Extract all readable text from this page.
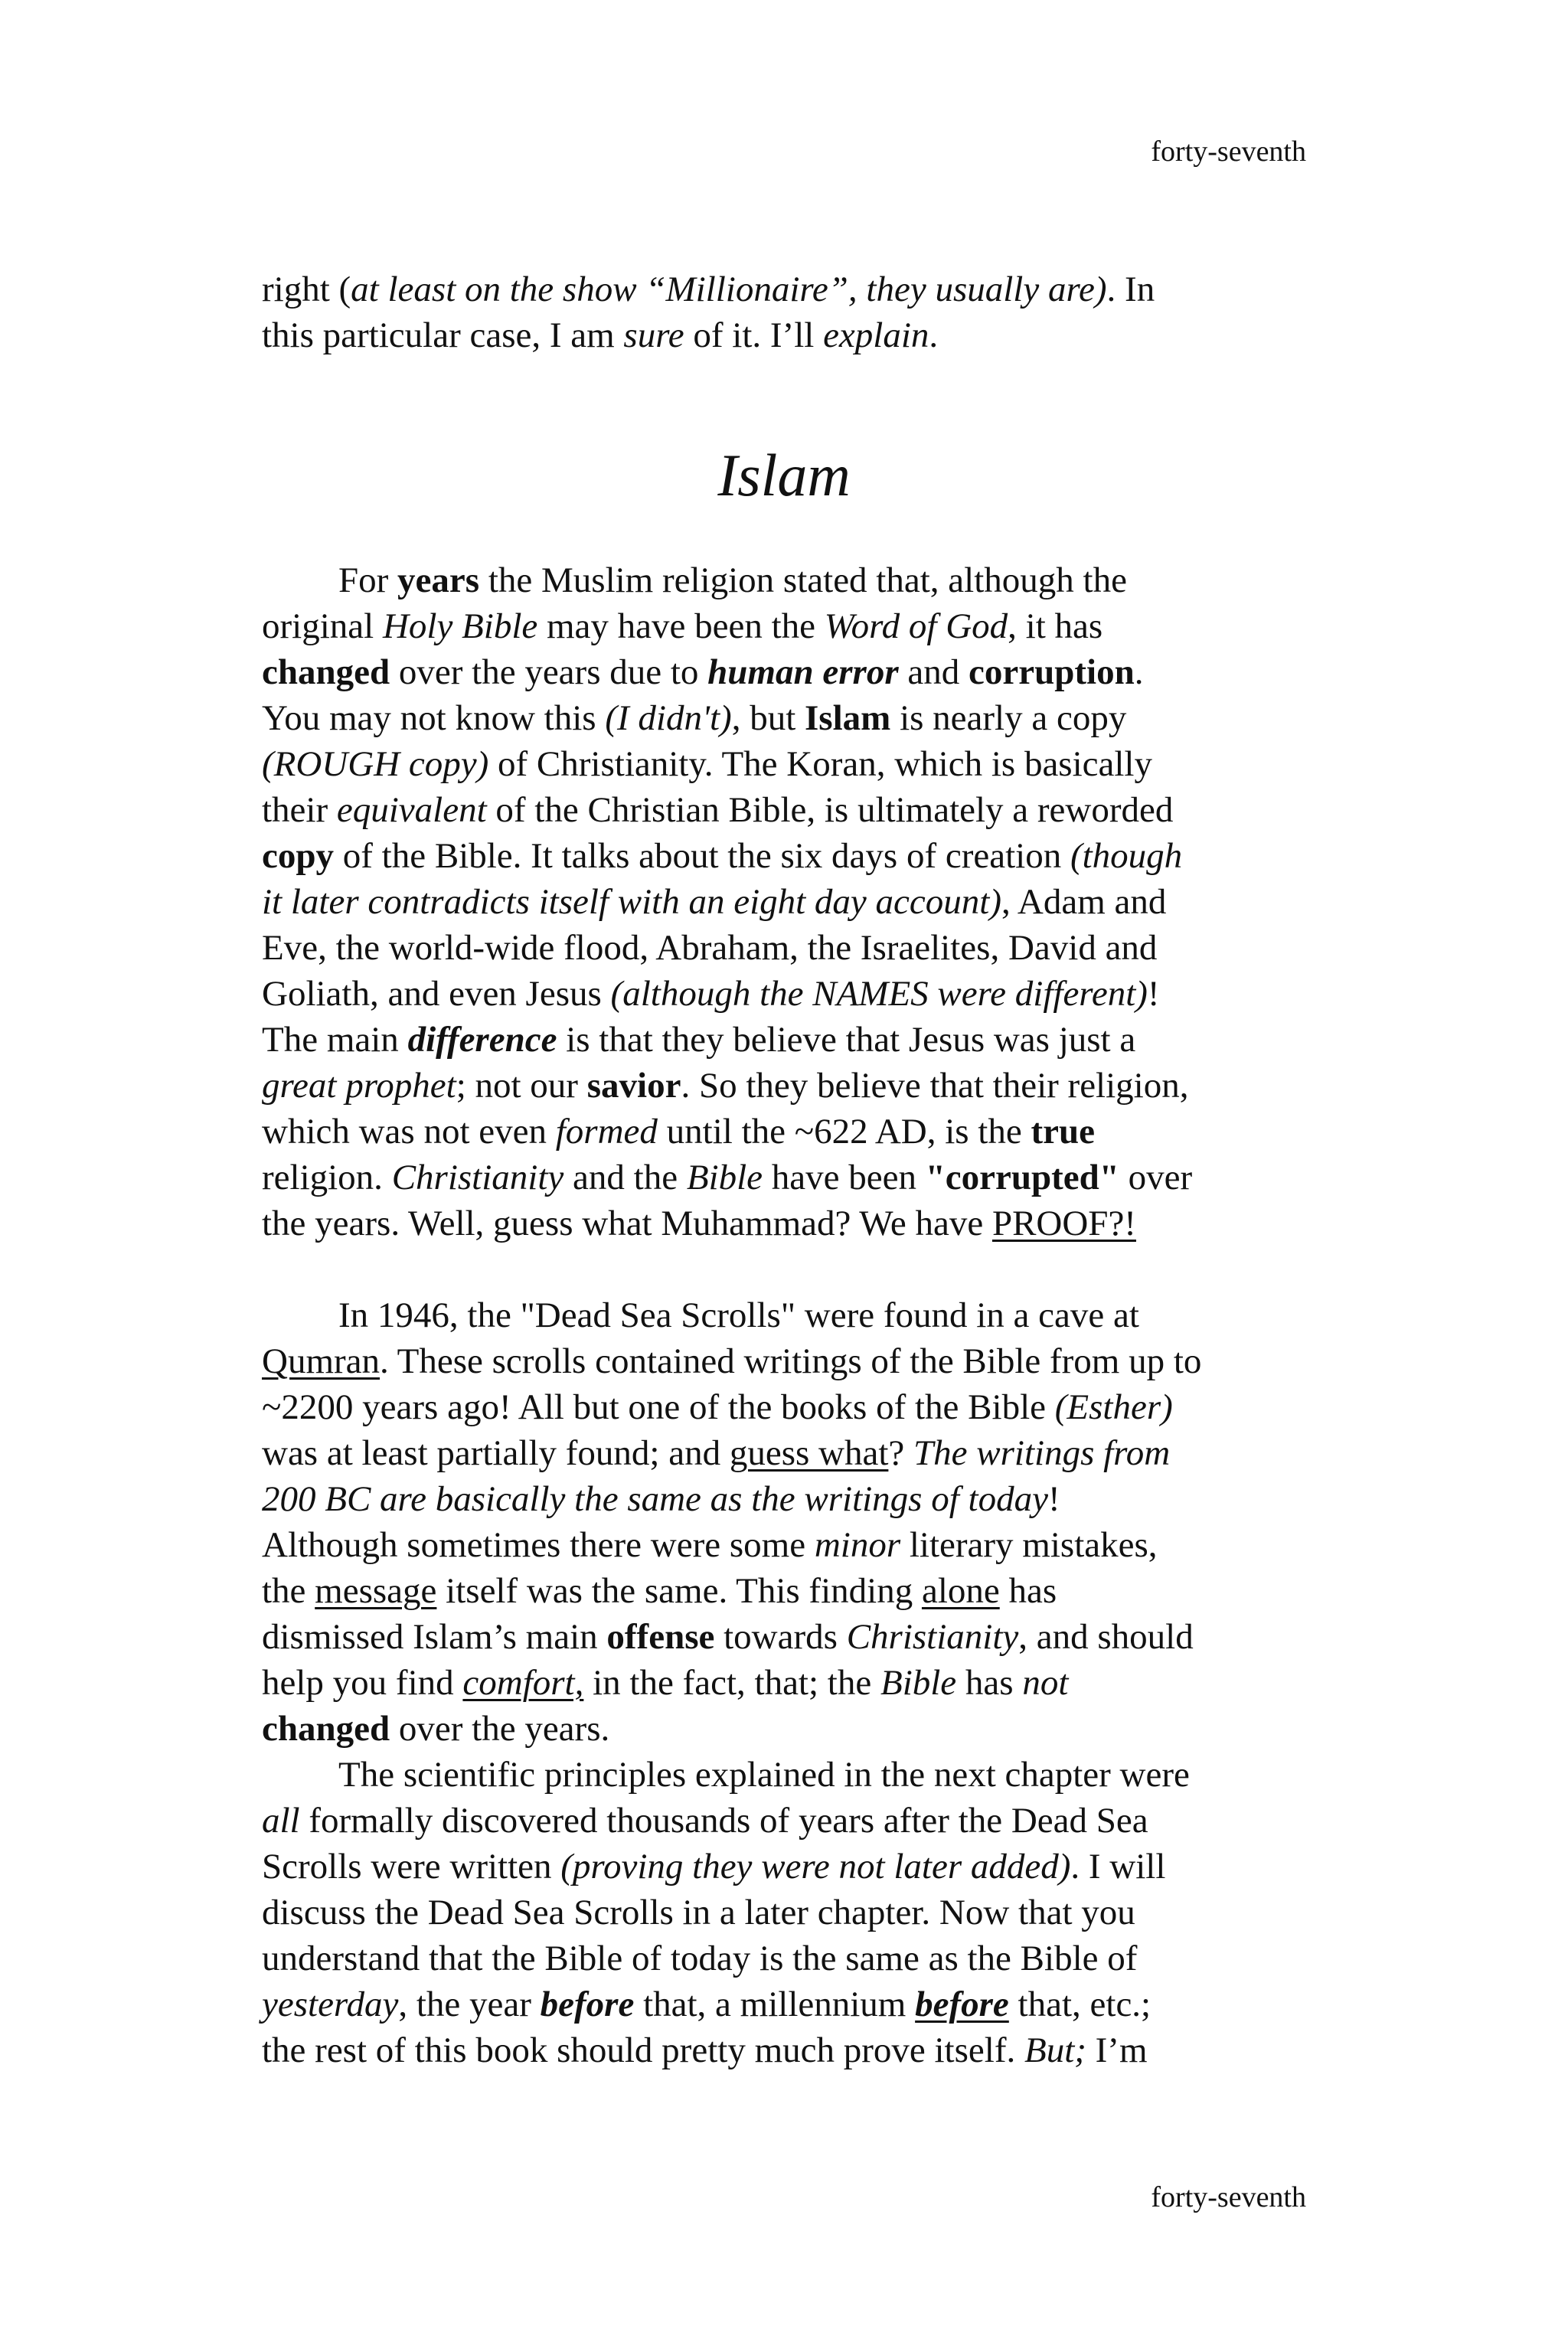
forty-seventh
right (at least on the show “Millionaire”, they usually are). In
this particular case, I am sure of it. I’ll explain.
Islam
For years the Muslim religion stated that, although the
original Holy Bible may have been the Word of God, it has
changed over the years due to human error and corruption.
You may not know this (I didn't), but Islam is nearly a copy
(ROUGH copy) of Christianity. The Koran, which is basically
their equivalent of the Christian Bible, is ultimately a reworded
copy of the Bible. It talks about the six days of creation (though
it later contradicts itself with an eight day account), Adam and
Eve, the world-wide flood, Abraham, the Israelites, David and
Goliath, and even Jesus (although the NAMES were different)!
The main difference is that they believe that Jesus was just a
great prophet; not our savior. So they believe that their religion,
which was not even formed until the ~622 AD, is the true
religion. Christianity and the Bible have been "corrupted" over
the years. Well, guess what Muhammad? We have PROOF?!
In 1946, the "Dead Sea Scrolls" were found in a cave at
Qumran. These scrolls contained writings of the Bible from up to
~2200 years ago! All but one of the books of the Bible (Esther)
was at least partially found; and guess what? The writings from
200 BC are basically the same as the writings of today!
Although sometimes there were some minor literary mistakes,
the message itself was the same. This finding alone has
dismissed Islam’s main offense towards Christianity, and should
help you find comfort, in the fact, that; the Bible has not
changed over the years.
The scientific principles explained in the next chapter were
all formally discovered thousands of years after the Dead Sea
Scrolls were written (proving they were not later added). I will
discuss the Dead Sea Scrolls in a later chapter. Now that you
understand that the Bible of today is the same as the Bible of
yesterday, the year before that, a millennium before that, etc.;
the rest of this book should pretty much prove itself. But; I’m
forty-seventh
